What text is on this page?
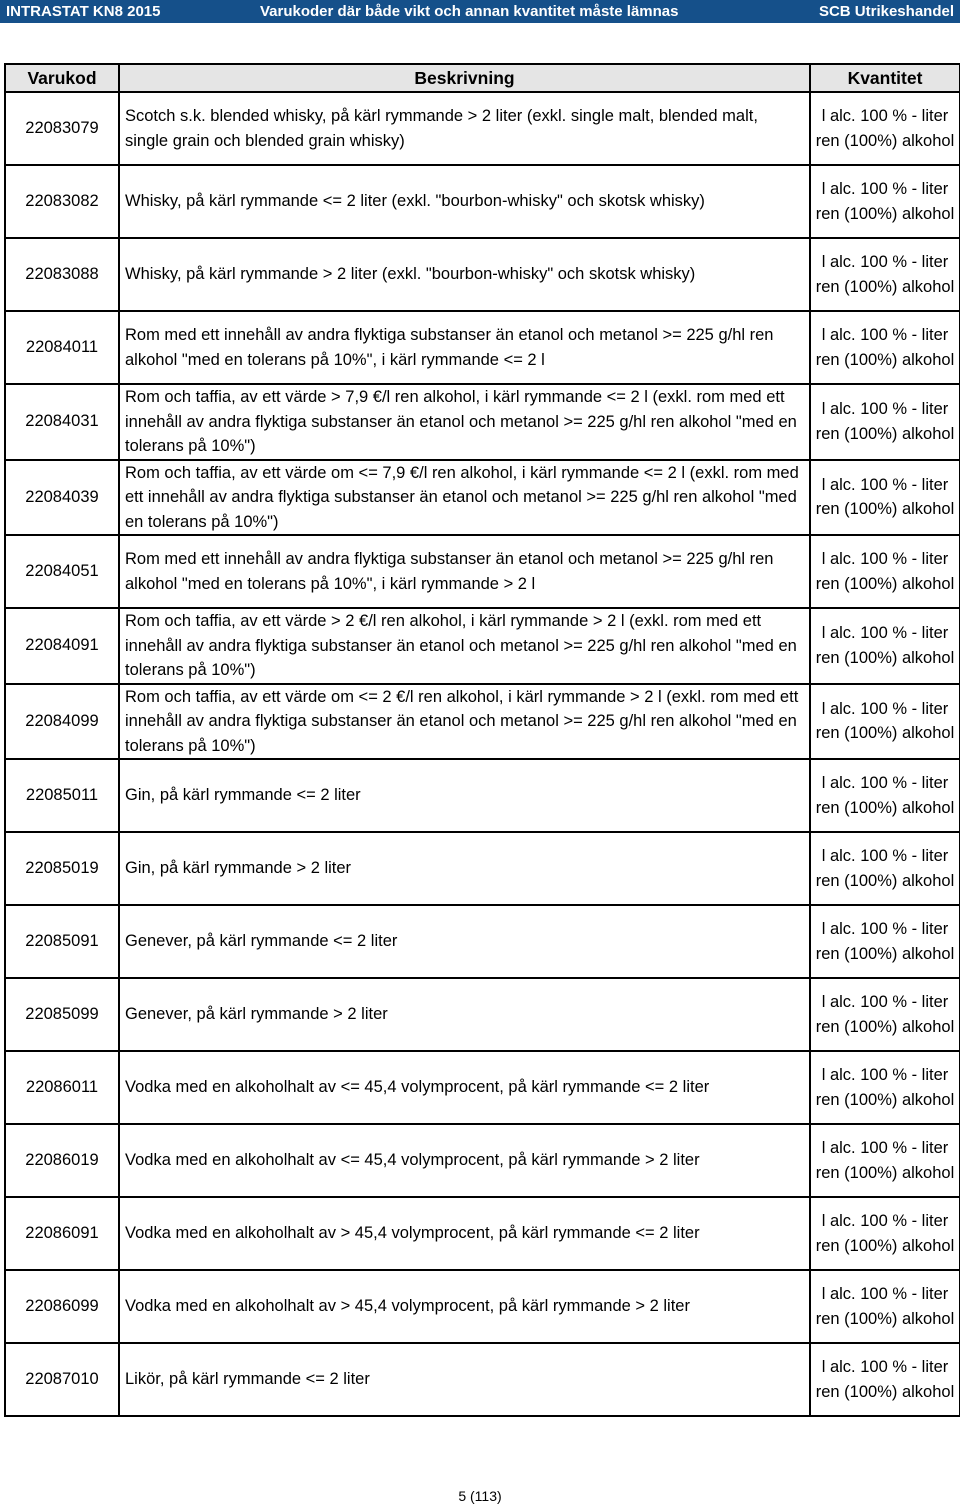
INTRASTAT KN8 2015	Varukoder där både vikt och annan kvantitet måste lämnas	SCB Utrikeshandel
Varukod	Beskrivning	Kvantitet
22083079	Scotch s.k. blended whisky, på kärl rymmande > 2 liter (exkl. single malt, blended malt, single grain och blended grain whisky)	l alc. 100 % - liter ren (100%) alkohol
22083082	Whisky, på kärl rymmande <= 2 liter (exkl. "bourbon-whisky" och skotsk whisky)	l alc. 100 % - liter ren (100%) alkohol
22083088	Whisky, på kärl rymmande > 2 liter (exkl. "bourbon-whisky" och skotsk whisky)	l alc. 100 % - liter ren (100%) alkohol
22084011	Rom med ett innehåll av andra flyktiga substanser än etanol och metanol >= 225 g/hl ren alkohol "med en tolerans på 10%", i kärl rymmande <= 2 l	l alc. 100 % - liter ren (100%) alkohol
22084031	Rom och taffia, av ett värde > 7,9 €/l ren alkohol, i kärl rymmande <= 2 l (exkl. rom med ett innehåll av andra flyktiga substanser än etanol och metanol >= 225 g/hl ren alkohol "med en tolerans på 10%")	l alc. 100 % - liter ren (100%) alkohol
22084039	Rom och taffia, av ett värde om <= 7,9 €/l ren alkohol, i kärl rymmande <= 2 l (exkl. rom med ett innehåll av andra flyktiga substanser än etanol och metanol >= 225 g/hl ren alkohol "med en tolerans på 10%")	l alc. 100 % - liter ren (100%) alkohol
22084051	Rom med ett innehåll av andra flyktiga substanser än etanol och metanol >= 225 g/hl ren alkohol "med en tolerans på 10%", i kärl rymmande > 2 l	l alc. 100 % - liter ren (100%) alkohol
22084091	Rom och taffia, av ett värde > 2 €/l ren alkohol, i kärl rymmande > 2 l (exkl. rom med ett innehåll av andra flyktiga substanser än etanol och metanol >= 225 g/hl ren alkohol "med en tolerans på 10%")	l alc. 100 % - liter ren (100%) alkohol
22084099	Rom och taffia, av ett värde om <= 2 €/l ren alkohol, i kärl rymmande > 2 l (exkl. rom med ett innehåll av andra flyktiga substanser än etanol och metanol >= 225 g/hl ren alkohol "med en tolerans på 10%")	l alc. 100 % - liter ren (100%) alkohol
22085011	Gin, på kärl rymmande <= 2 liter	l alc. 100 % - liter ren (100%) alkohol
22085019	Gin, på kärl rymmande > 2 liter	l alc. 100 % - liter ren (100%) alkohol
22085091	Genever, på kärl rymmande <= 2 liter	l alc. 100 % - liter ren (100%) alkohol
22085099	Genever, på kärl rymmande > 2 liter	l alc. 100 % - liter ren (100%) alkohol
22086011	Vodka med en alkoholhalt av <= 45,4 volymprocent, på kärl rymmande <= 2 liter	l alc. 100 % - liter ren (100%) alkohol
22086019	Vodka med en alkoholhalt av <= 45,4 volymprocent, på kärl rymmande > 2 liter	l alc. 100 % - liter ren (100%) alkohol
22086091	Vodka med en alkoholhalt av > 45,4 volymprocent, på kärl rymmande <= 2 liter	l alc. 100 % - liter ren (100%) alkohol
22086099	Vodka med en alkoholhalt av > 45,4 volymprocent, på kärl rymmande > 2 liter	l alc. 100 % - liter ren (100%) alkohol
22087010	Likör, på kärl rymmande <= 2 liter	l alc. 100 % - liter ren (100%) alkohol
5 (113)
